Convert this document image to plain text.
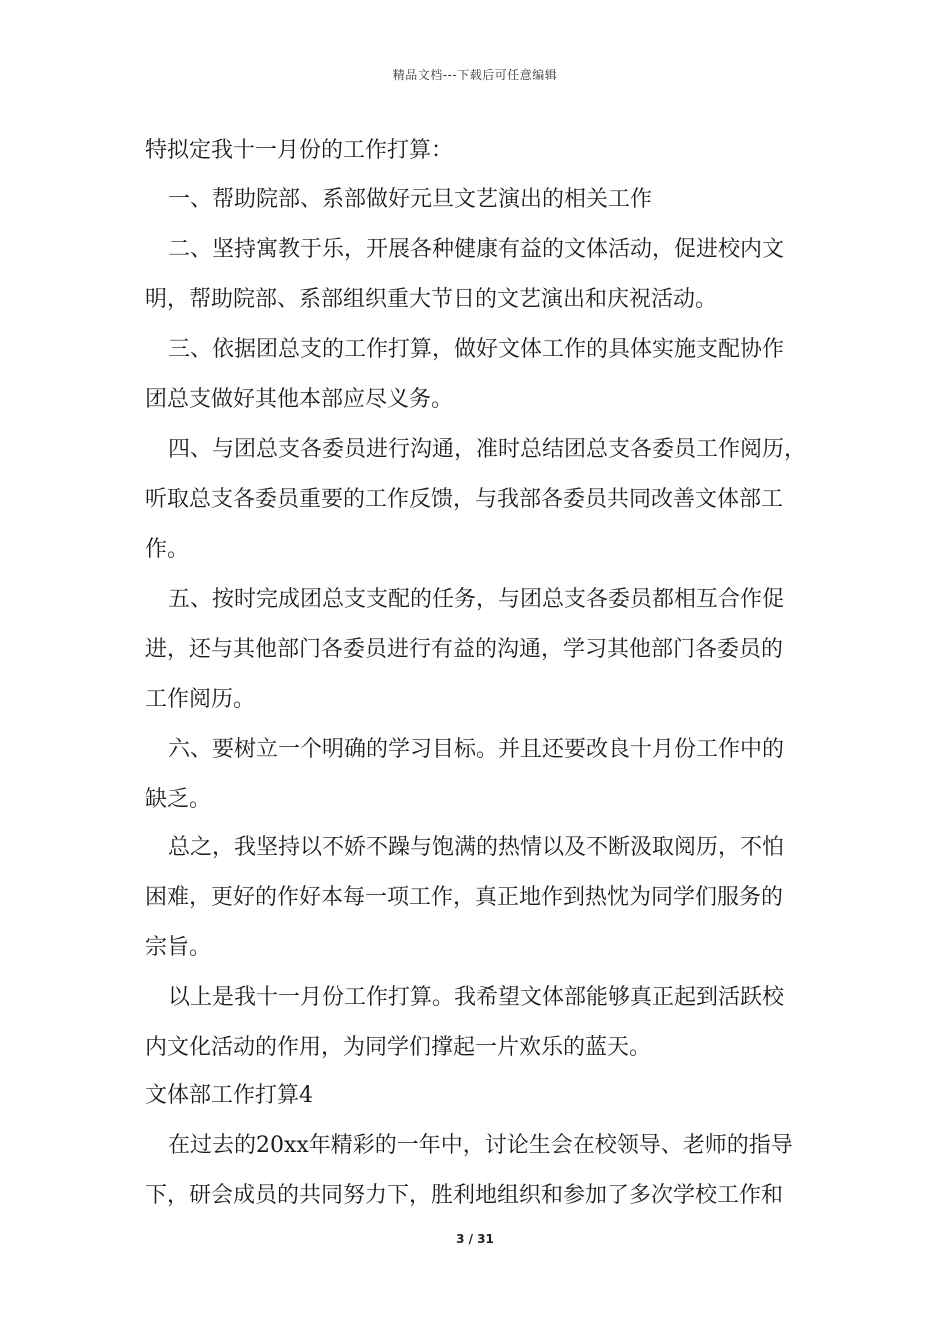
精品文档---下载后可任意编辑
特拟定我十一月份的工作打算：
一、帮助院部、系部做好元旦文艺演出的相关工作
二、坚持寓教于乐，开展各种健康有益的文体活动，促进校内文
明，帮助院部、系部组织重大节日的文艺演出和庆祝活动。
三、依据团总支的工作打算，做好文体工作的具体实施支配协作
团总支做好其他本部应尽义务。
四、与团总支各委员进行沟通，准时总结团总支各委员工作阅历，
听取总支各委员重要的工作反馈，与我部各委员共同改善文体部工
作。
五、按时完成团总支支配的任务，与团总支各委员都相互合作促
进，还与其他部门各委员进行有益的沟通，学习其他部门各委员的
工作阅历。
六、要树立一个明确的学习目标。并且还要改良十月份工作中的
缺乏。
总之，我坚持以不娇不躁与饱满的热情以及不断汲取阅历，不怕
困难，更好的作好本每一项工作，真正地作到热忱为同学们服务的
宗旨。
以上是我十一月份工作打算。我希望文体部能够真正起到活跃校
内文化活动的作用，为同学们撑起一片欢乐的蓝天。
文体部工作打算4
在过去的20xx年精彩的一年中，讨论生会在校领导、老师的指导
下，研会成员的共同努力下，胜利地组织和参加了多次学校工作和
3 / 31
